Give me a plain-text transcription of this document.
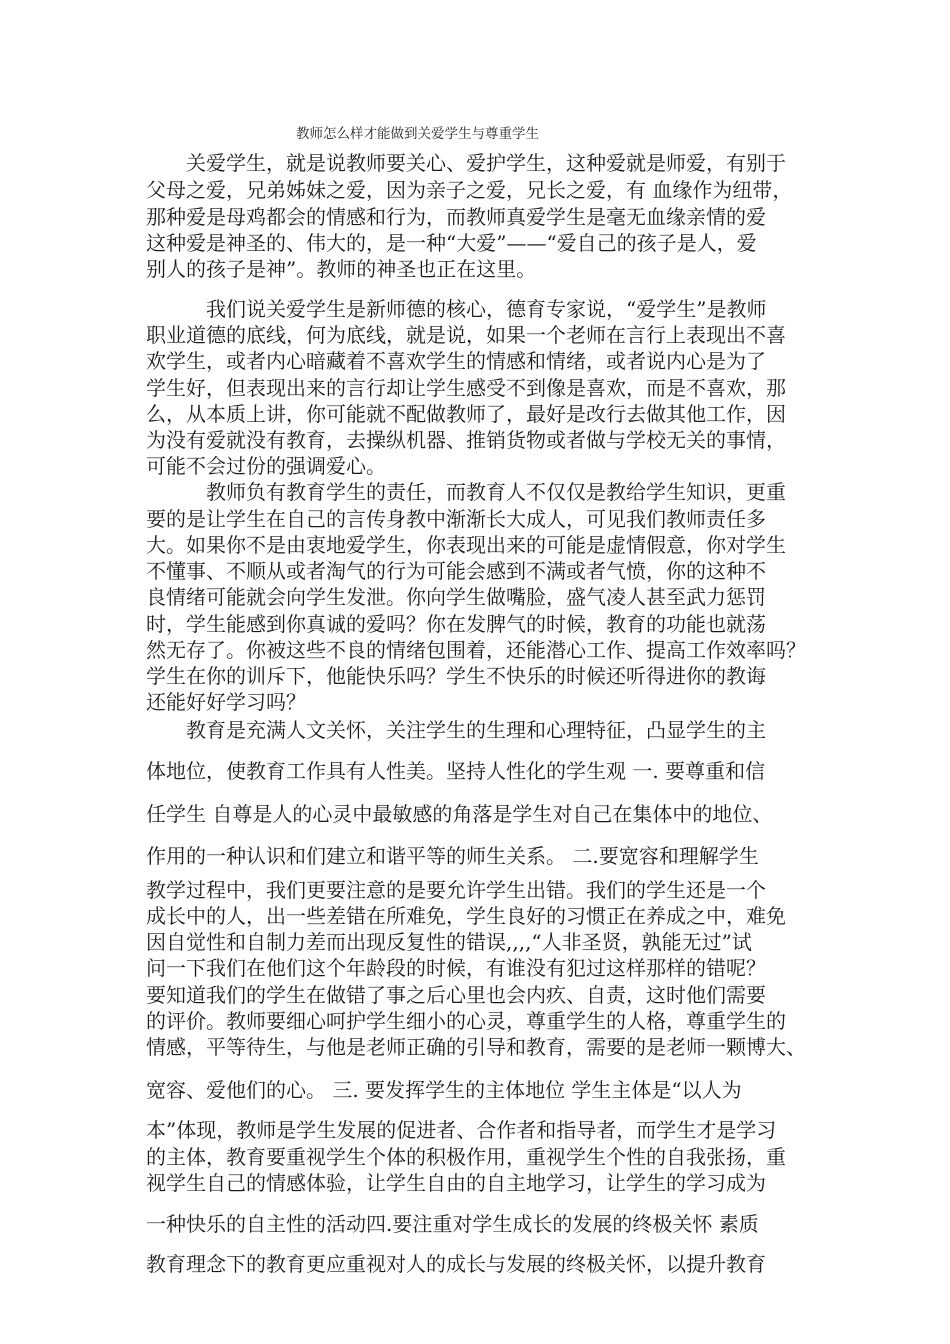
教师怎么样才能做到关爱学生与尊重学生
关爱学生，就是说教师要关心、爱护学生，这种爱就是师爱，有别于
父母之爱，兄弟姊妹之爱，因为亲子之爱，兄长之爱，有 血缘作为纽带，
那种爱是母鸡都会的情感和行为，而教师真爱学生是毫无血缘亲情的爱
这种爱是神圣的、伟大的，是一种“大爱”——“爱自己的孩子是人，爱
别人的孩子是神”。教师的神圣也正在这里。
我们说关爱学生是新师德的核心，德育专家说，“爱学生”是教师
职业道德的底线，何为底线，就是说，如果一个老师在言行上表现出不喜
欢学生，或者内心暗藏着不喜欢学生的情感和情绪，或者说内心是为了
学生好，但表现出来的言行却让学生感受不到像是喜欢，而是不喜欢，那
么，从本质上讲，你可能就不配做教师了，最好是改行去做其他工作，因
为没有爱就没有教育，去操纵机器、推销货物或者做与学校无关的事情，
可能不会过份的强调爱心。
教师负有教育学生的责任，而教育人不仅仅是教给学生知识，更重
要的是让学生在自己的言传身教中渐渐长大成人，可见我们教师责任多
大。如果你不是由衷地爱学生，你表现出来的可能是虚情假意，你对学生
不懂事、不顺从或者淘气的行为可能会感到不满或者气愤，你的这种不
良情绪可能就会向学生发泄。你向学生做嘴脸，盛气凌人甚至武力惩罚
时，学生能感到你真诚的爱吗？你在发脾气的时候，教育的功能也就荡
然无存了。你被这些不良的情绪包围着，还能潜心工作、提高工作效率吗？
学生在你的训斥下，他能快乐吗？学生不快乐的时候还听得进你的教诲
还能好好学习吗？
教育是充满人文关怀，关注学生的生理和心理特征，凸显学生的主
体地位，使教育工作具有人性美。坚持人性化的学生观 一. 要尊重和信
任学生 自尊是人的心灵中最敏感的角落是学生对自己在集体中的地位、
作用的一种认识和们建立和谐平等的师生关系。 二.要宽容和理解学生
教学过程中，我们更要注意的是要允许学生出错。我们的学生还是一个
成长中的人，出一些差错在所难免，学生良好的习惯正在养成之中，难免
因自觉性和自制力差而出现反复性的错误,,,,“人非圣贤，孰能无过”试
问一下我们在他们这个年龄段的时候，有谁没有犯过这样那样的错呢？
要知道我们的学生在做错了事之后心里也会内疚、自责，这时他们需要
的评价。教师要细心呵护学生细小的心灵，尊重学生的人格，尊重学生的
情感，平等待生，与他是老师正确的引导和教育，需要的是老师一颗博大、
宽容、爱他们的心。 三. 要发挥学生的主体地位 学生主体是“以人为
本”体现，教师是学生发展的促进者、合作者和指导者，而学生才是学习
的主体，教育要重视学生个体的积极作用，重视学生个性的自我张扬，重
视学生自己的情感体验，让学生自由的自主地学习，让学生的学习成为
一种快乐的自主性的活动四.要注重对学生成长的发展的终极关怀 素质
教育理念下的教育更应重视对人的成长与发展的终极关怀，以提升教育
